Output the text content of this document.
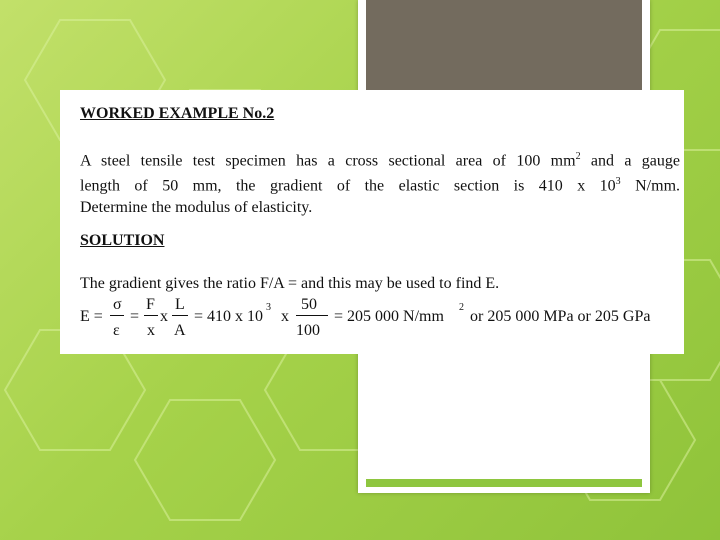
WORKED EXAMPLE No.2
A steel tensile test specimen has a cross sectional area of 100 $mm^2$ and a gauge
length of 50 mm, the gradient of the elastic section is 410 x $10^3$ N/mm.
Determine the modulus of elasticity.
SOLUTION
The gradient gives the ratio F/A = and this may be used to find E.
E =
σ
ε
=
F
x
x
L
A
= 410 x 10
3
x
50
100
= 205 000 N/mm
2
or 205 000 MPa or 205 GPa
